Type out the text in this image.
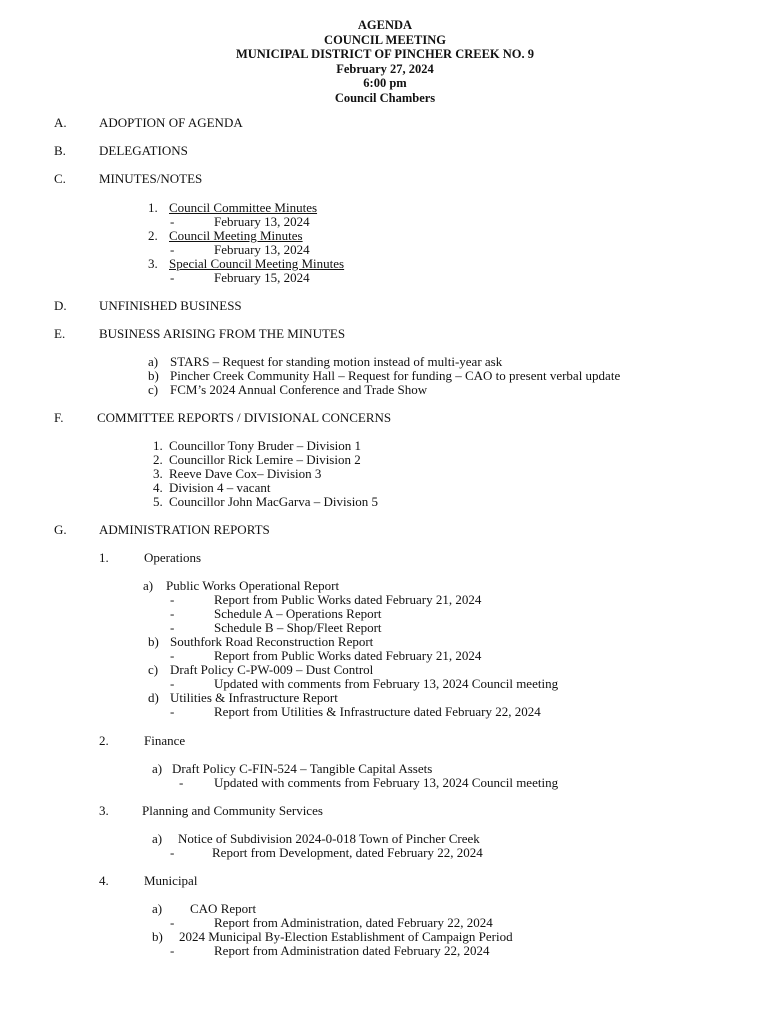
AGENDA
COUNCIL MEETING
MUNICIPAL DISTRICT OF PINCHER CREEK NO. 9
February 27, 2024
6:00 pm
Council Chambers
A. ADOPTION OF AGENDA
B.	DELEGATIONS
C.	MINUTES/NOTES
1. Council Committee Minutes
-	February 13, 2024
2. Council Meeting Minutes
-	February 13, 2024
3. Special Council Meeting Minutes
-	February 15, 2024
D. UNFINISHED BUSINESS
E.	BUSINESS ARISING FROM THE MINUTES
a) STARS – Request for standing motion instead of multi-year ask
b) Pincher Creek Community Hall – Request for funding – CAO to present verbal update
c) FCM’s 2024 Annual Conference and Trade Show
F.	COMMITTEE REPORTS / DIVISIONAL CONCERNS
1. Councillor Tony Bruder – Division 1
2. Councillor Rick Lemire – Division 2
3. Reeve Dave Cox– Division 3
4. Division 4 – vacant
5. Councillor John MacGarva – Division 5
G. ADMINISTRATION REPORTS
1.	Operations
a) Public Works Operational Report
-	Report from Public Works dated February 21, 2024
-	Schedule A – Operations Report
-	Schedule B – Shop/Fleet Report
b) Southfork Road Reconstruction Report
-	Report from Public Works dated February 21, 2024
c) Draft Policy C-PW-009 – Dust Control
-	Updated with comments from February 13, 2024 Council meeting
d) Utilities & Infrastructure Report
-	Report from Utilities & Infrastructure dated February 22, 2024
2.	Finance
a) Draft Policy C-FIN-524 – Tangible Capital Assets
- Updated with comments from February 13, 2024 Council meeting
3.	Planning and Community Services
a) Notice of Subdivision 2024-0-018 Town of Pincher Creek
-	Report from Development, dated February 22, 2024
4.	Municipal
a) CAO Report
-	Report from Administration, dated February 22, 2024
b) 2024 Municipal By-Election Establishment of Campaign Period
-	Report from Administration dated February 22, 2024
